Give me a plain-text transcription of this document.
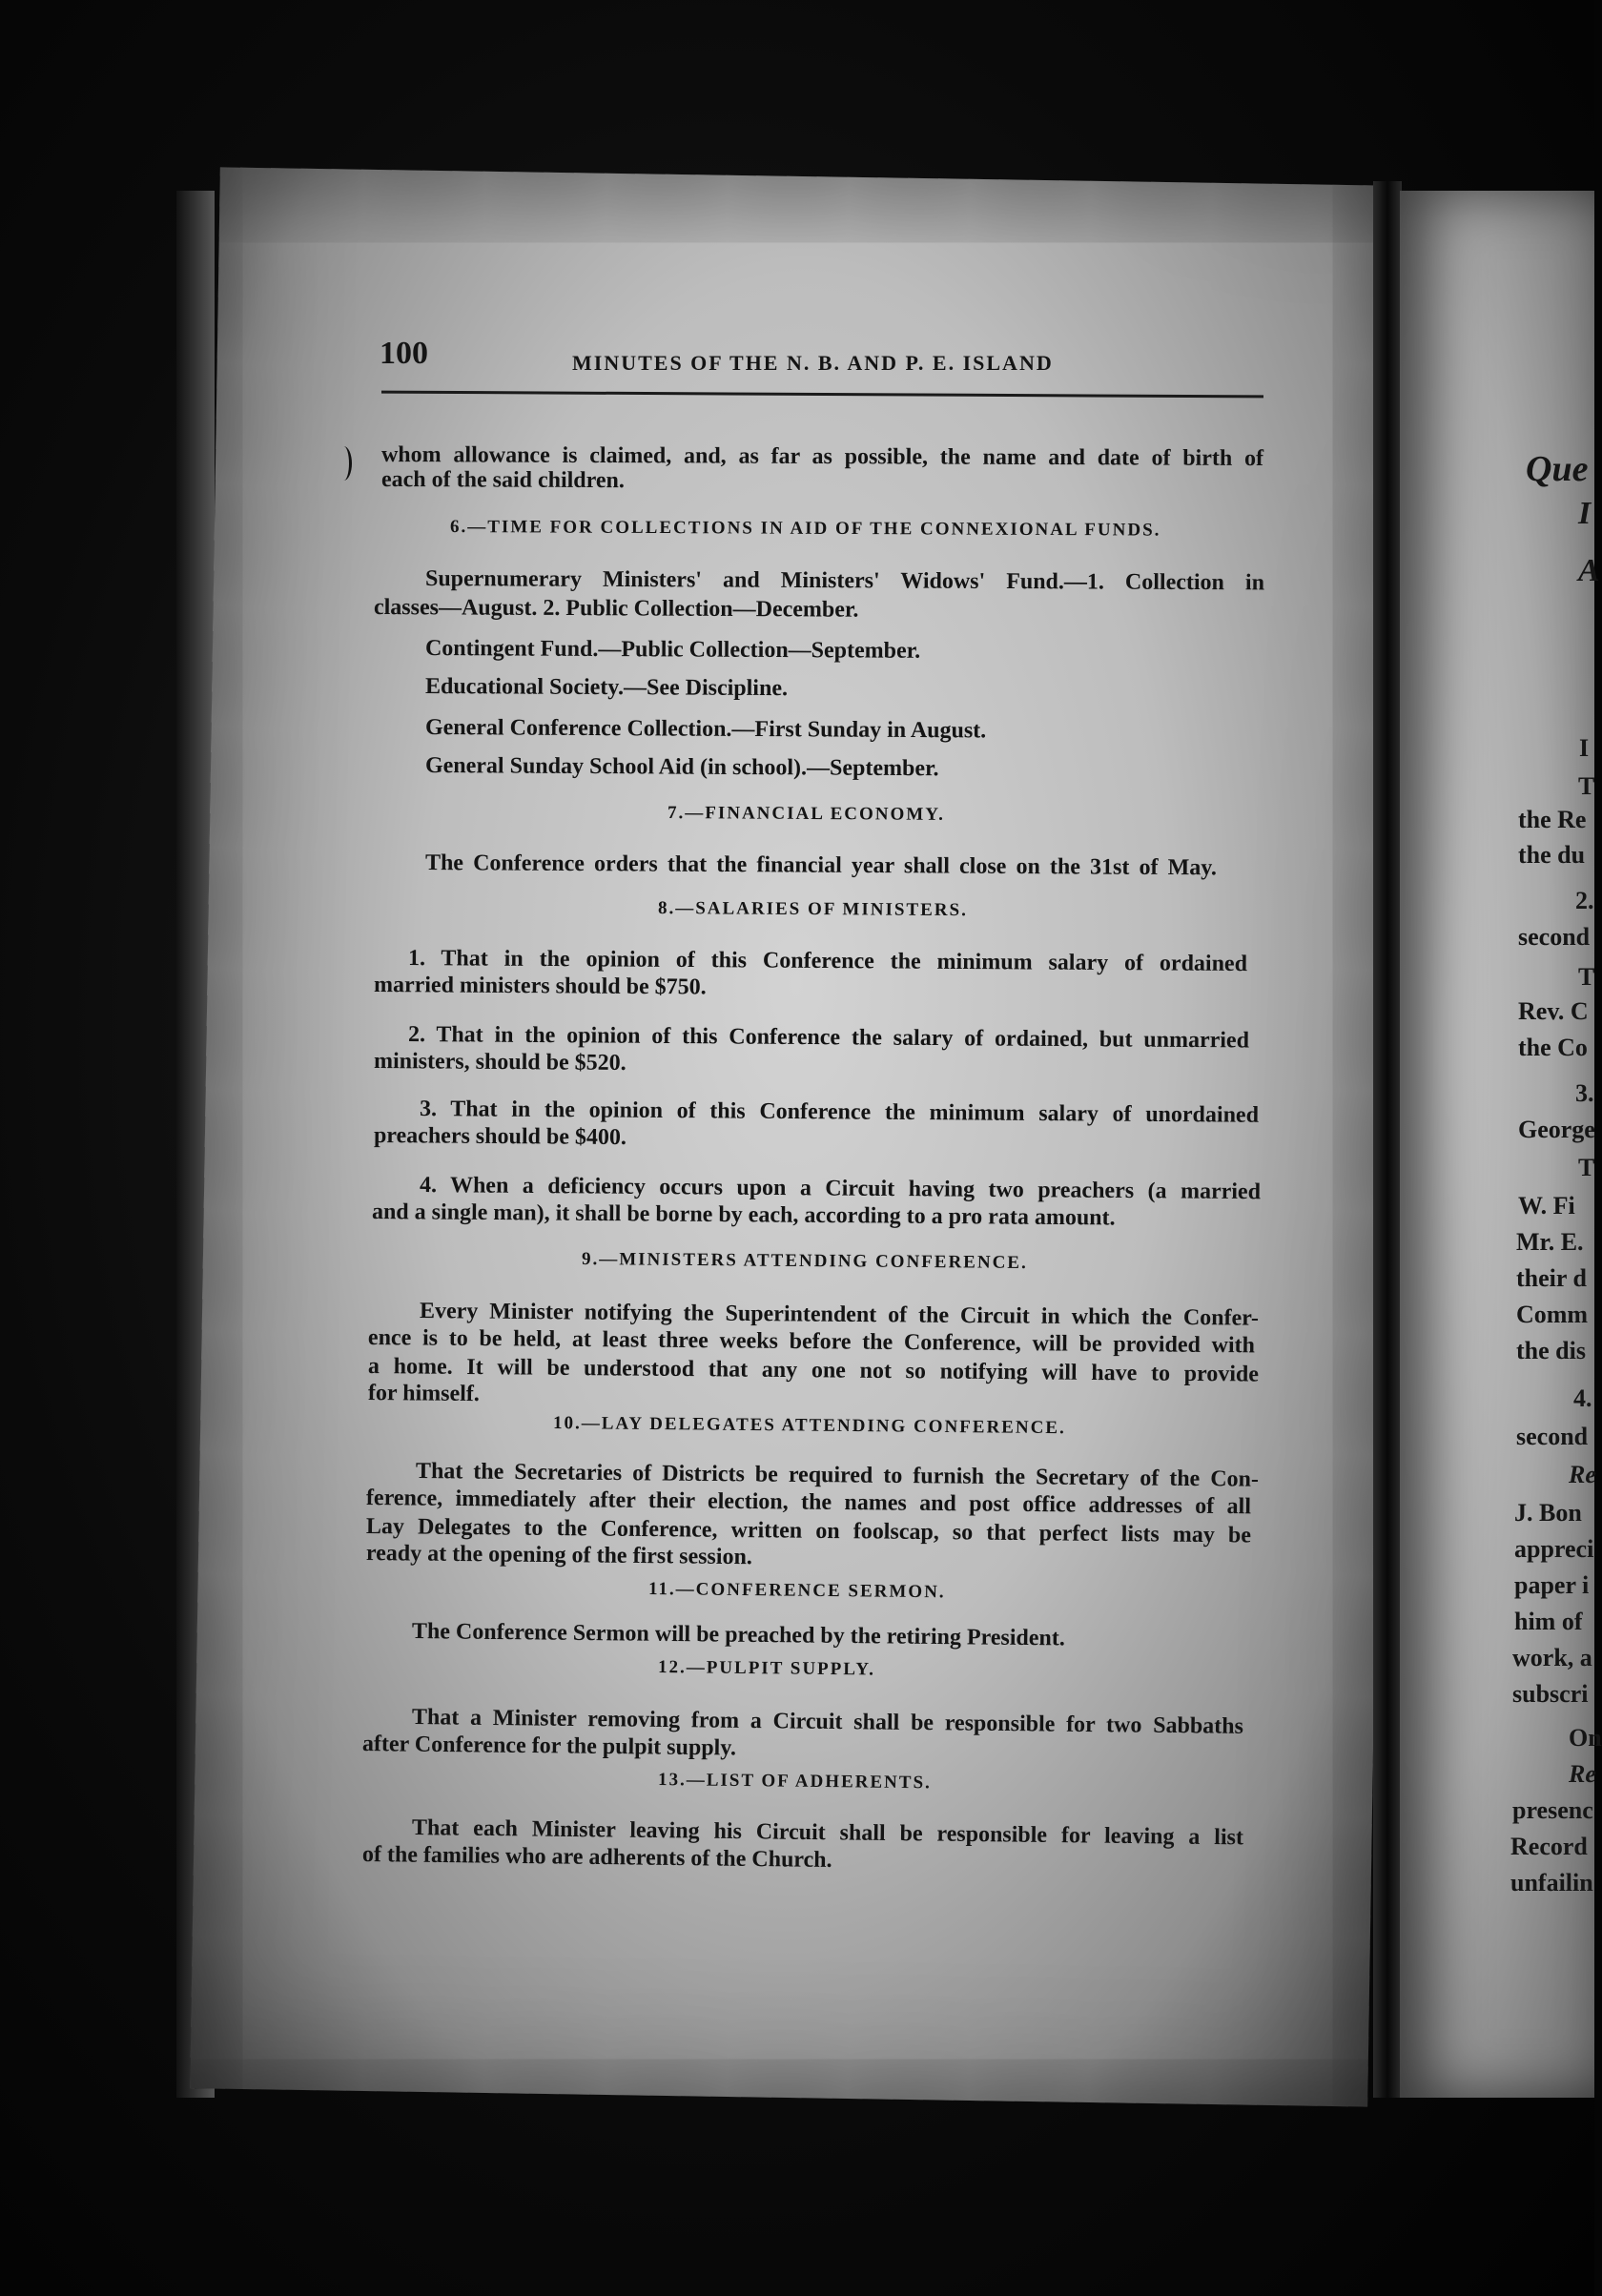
100	MINUTES OF THE N. B. AND P. E. ISLAND
whom allowance is claimed, and, as far as possible, the name and date of birth of
each of the said children.
6.—TIME FOR COLLECTIONS IN AID OF THE CONNEXIONAL FUNDS.
Supernumerary Ministers' and Ministers' Widows' Fund.—1. Collection in
classes—August. 2. Public Collection—December.
Contingent Fund.—Public Collection—September.
Educational Society.—See Discipline.
General Conference Collection.—First Sunday in August.
General Sunday School Aid (in school).—September.
7.—FINANCIAL ECONOMY.
The Conference orders that the financial year shall close on the 31st of May.
8.—SALARIES OF MINISTERS.
1. That in the opinion of this Conference the minimum salary of ordained
married ministers should be $750.
2. That in the opinion of this Conference the salary of ordained, but unmarried
ministers, should be $520.
3. That in the opinion of this Conference the minimum salary of unordained
preachers should be $400.
4. When a deficiency occurs upon a Circuit having two preachers (a married
and a single man), it shall be borne by each, according to a pro rata amount.
9.—MINISTERS ATTENDING CONFERENCE.
Every Minister notifying the Superintendent of the Circuit in which the Confer-
ence is to be held, at least three weeks before the Conference, will be provided with
a home. It will be understood that any one not so notifying will have to provide
for himself.
10.—LAY DELEGATES ATTENDING CONFERENCE.
That the Secretaries of Districts be required to furnish the Secretary of the Con-
ference, immediately after their election, the names and post office addresses of all
Lay Delegates to the Conference, written on foolscap, so that perfect lists may be
ready at the opening of the first session.
11.—CONFERENCE SERMON.
The Conference Sermon will be preached by the retiring President.
12.—PULPIT SUPPLY.
That a Minister removing from a Circuit shall be responsible for two Sabbaths
after Conference for the pulpit supply.
13.—LIST OF ADHERENTS.
That each Minister leaving his Circuit shall be responsible for leaving a list
of the families who are adherents of the Church.
Que
I
A
I
T
the Re
the du
2.
second
T
Rev. C
the Co
3.
George
T
W. Fi
Mr. E.
their d
Comm
the dis
4.
second
Re
J. Bon
appreci
paper i
him of
work, a
subscri
On
Re
presenc
Record
unfailin
